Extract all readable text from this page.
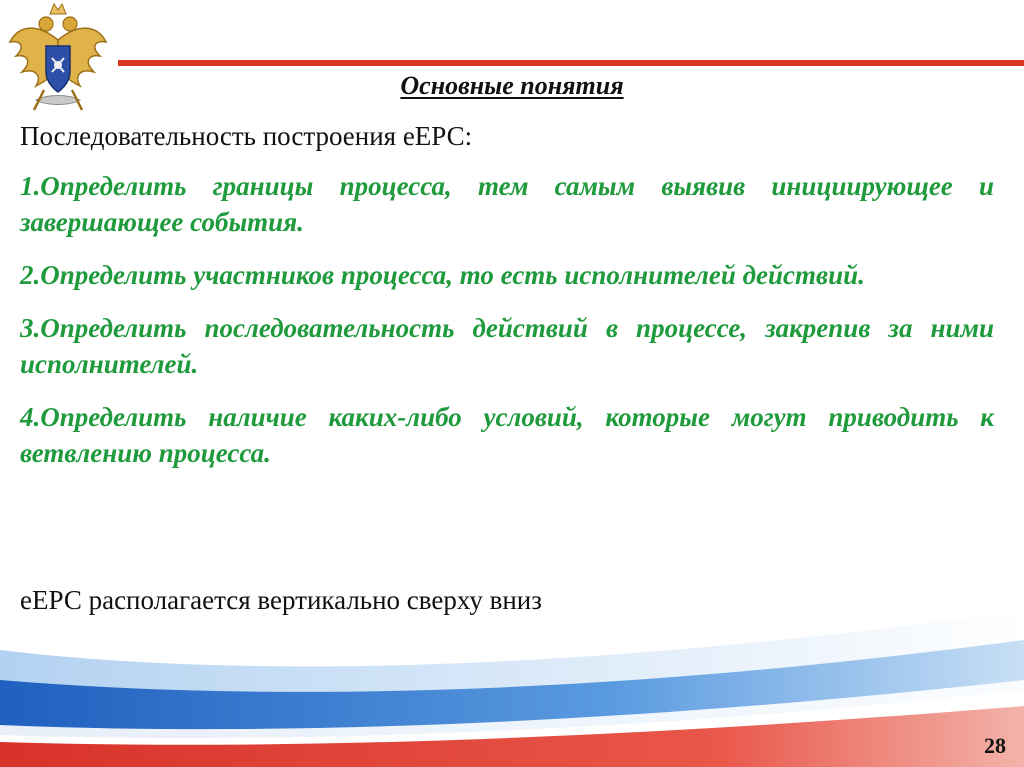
Основные понятия
Последовательность построения еЕРС:
1.Определить границы процесса, тем самым выявив инициирующее и завершающее события.
2.Определить участников процесса, то есть исполнителей действий.
3.Определить последовательность действий в процессе, закрепив за ними исполнителей.
4.Определить наличие каких-либо условий, которые могут приводить к ветвлению процесса.
еЕРС располагается вертикально сверху вниз
28
